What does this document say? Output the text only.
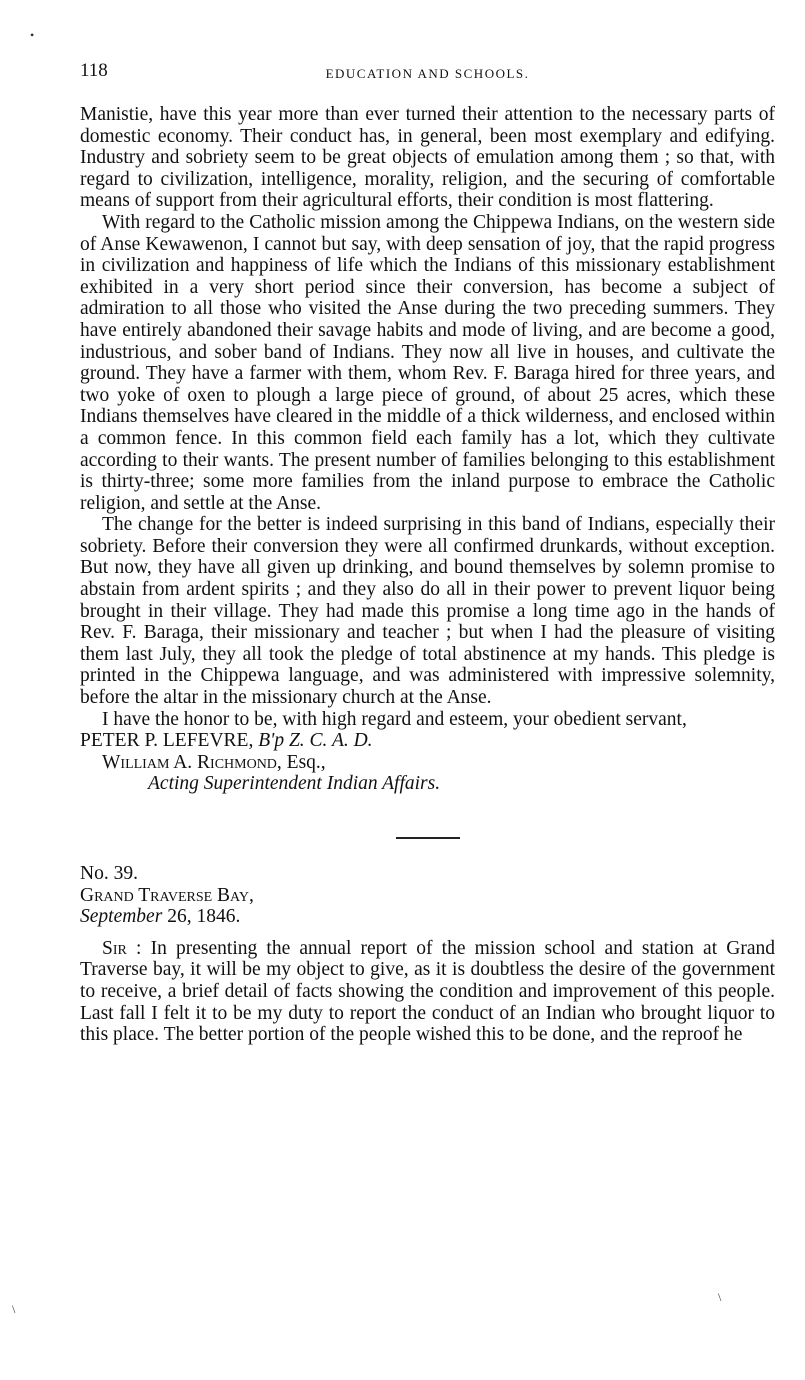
•
118	EDUCATION AND SCHOOLS.

Manistie, have this year more than ever turned their attention to the necessary parts of domestic economy. Their conduct has, in general, been most exemplary and edifying. Industry and sobriety seem to be great objects of emulation among them ; so that, with regard to civilization, intelligence, morality, religion, and the securing of comfortable means of support from their agricultural efforts, their condition is most flattering.

With regard to the Catholic mission among the Chippewa Indians, on the western side of Anse Kewawenon, I cannot but say, with deep sensation of joy, that the rapid progress in civilization and happiness of life which the Indians of this missionary establishment exhibited in a very short period since their conversion, has become a subject of admiration to all those who visited the Anse during the two preceding summers. They have entirely abandoned their savage habits and mode of living, and are become a good, industrious, and sober band of Indians. They now all live in houses, and cultivate the ground. They have a farmer with them, whom Rev. F. Baraga hired for three years, and two yoke of oxen to plough a large piece of ground, of about 25 acres, which these Indians themselves have cleared in the middle of a thick wilderness, and enclosed within a common fence. In this common field each family has a lot, which they cultivate according to their wants. The present number of families belonging to this establishment is thirty-three; some more families from the inland purpose to embrace the Catholic religion, and settle at the Anse.

The change for the better is indeed surprising in this band of Indians, especially their sobriety. Before their conversion they were all confirmed drunkards, without exception. But now, they have all given up drinking, and bound themselves by solemn promise to abstain from ardent spirits ; and they also do all in their power to prevent liquor being brought in their village. They had made this promise a long time ago in the hands of Rev. F. Baraga, their missionary and teacher ; but when I had the pleasure of visiting them last July, they all took the pledge of total abstinence at my hands. This pledge is printed in the Chippewa language, and was administered with impressive solemnity, before the altar in the missionary church at the Anse.

I have the honor to be, with high regard and esteem, your obedient servant,

PETER P. LEFEVRE, B'p Z. C. A. D.

William A. Richmond, Esq.,

Acting Superintendent Indian Affairs.

No. 39.

Grand Traverse Bay,

September 26, 1846.

Sir : In presenting the annual report of the mission school and station at Grand Traverse bay, it will be my object to give, as it is doubtless the desire of the government to receive, a brief detail of facts showing the condition and improvement of this people. Last fall I felt it to be my duty to report the conduct of an Indian who brought liquor to this place. The better portion of the people wished this to be done, and the reproof he

\
\
